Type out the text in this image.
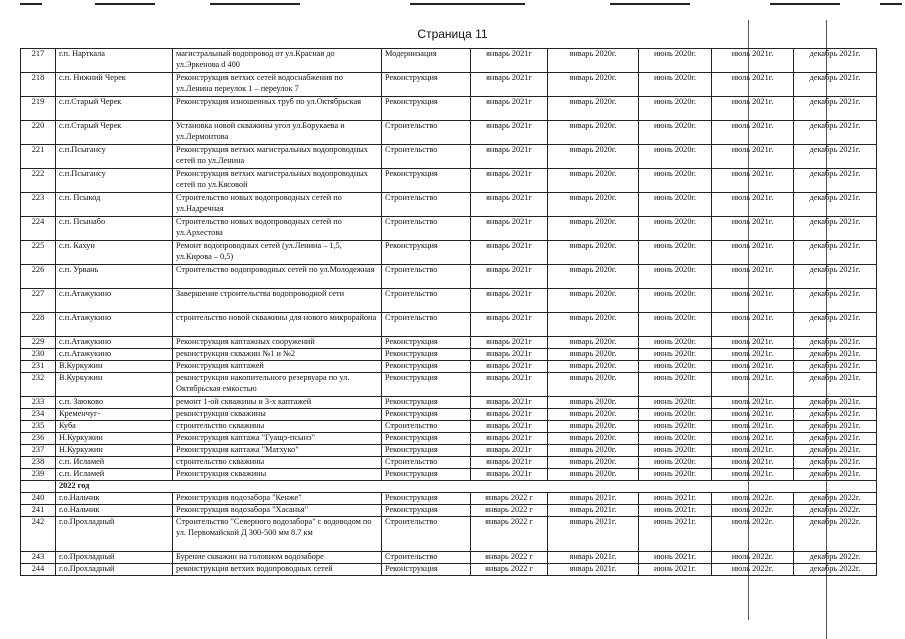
Страница 11
217	г.п. Нарткала	магистральный водопровод от ул.Красная до ул.Эркенова d 400	Модернизация	январь 2021г	январь 2020г.	июнь 2020г.	июль 2021г.	декабрь 2021г.
218	с.п. Нижний Черек	Реконструкция ветхих сетей водоснабжения по ул.Ленина переулок 1 – переулок 7	Реконструкция	январь 2021г	январь 2020г.	июнь 2020г.	июль 2021г.	декабрь 2021г.
219	с.п.Старый Черек	Реконструкция изношенных труб по ул.Октябрьская	Реконструкция	январь 2021г	январь 2020г.	июнь 2020г.	июль 2021г.	декабрь 2021г.
220	с.п.Старый Черек	Установка новой скважины угол ул.Борукаева и ул.Лермонтова	Строительство	январь 2021г	январь 2020г.	июнь 2020г.	июль 2021г.	декабрь 2021г.
221	с.п.Псыгансу	Реконструкция ветхих магистральных водопроводных сетей по ул.Ленина	Строительство	январь 2021г	январь 2020г.	июнь 2020г.	июль 2021г.	декабрь 2021г.
222	с.п.Псыгансу	Реконструкция ветхих магистральных водопроводных сетей по ул.Кясовой	Реконструкция	январь 2021г	январь 2020г.	июнь 2020г.	июль 2021г.	декабрь 2021г.
223	с.п. Псыкод	Строительство новых водопроводных сетей по ул.Надречная	Строительство	январь 2021г	январь 2020г.	июнь 2020г.	июль 2021г.	декабрь 2021г.
224	с.п. Псынабо	Строительство новых водопроводных сетей по ул.Архестова	Строительство	январь 2021г	январь 2020г.	июнь 2020г.	июль 2021г.	декабрь 2021г.
225	с.п. Кахун	Ремонт водопроводных сетей (ул.Ленина – 1,5, ул.Кирова – 0,5)	Реконструкция	январь 2021г	январь 2020г.	июнь 2020г.	июль 2021г.	декабрь 2021г.
226	с.п. Урвань	Строительство водопроводных сетей по ул.Молодежная	Строительство	январь 2021г	январь 2020г.	июнь 2020г.	июль 2021г.	декабрь 2021г.
227	с.п.Атажукино	Завершение строительства водопроводной сети	Строительство	январь 2021г	январь 2020г.	июнь 2020г.	июль 2021г.	декабрь 2021г.
228	с.п.Атажукино	строительство новой скважины для нового микрорайона	Строительство	январь 2021г	январь 2020г.	июнь 2020г.	июль 2021г.	декабрь 2021г.
229	с.п.Атажукино	Реконструкция каптажных сооружений	Реконструкция	январь 2021г	январь 2020г.	июнь 2020г.	июль 2021г.	декабрь 2021г.
230	с.п.Атажукино	реконструкция скважин №1 и №2	Реконструкция	январь 2021г	январь 2020г.	июнь 2020г.	июль 2021г.	декабрь 2021г.
231	В.Куркужин	Реконструкция каптажей	Реконструкция	январь 2021г	январь 2020г.	июнь 2020г.	июль 2021г.	декабрь 2021г.
232	В.Куркужин	реконструкция накопительного резервуара по ул. Октябрьская емкостью	Реконструкция	январь 2021г	январь 2020г.	июнь 2020г.	июль 2021г.	декабрь 2021г.
233	с.п. Заюково	ремонт 1-ой скважины и 3-х каптажей	Реконструкция	январь 2021г	январь 2020г.	июнь 2020г.	июль 2021г.	декабрь 2021г.
234	Кременчуг-	реконструкция скважины	Реконструкция	январь 2021г	январь 2020г.	июнь 2020г.	июль 2021г.	декабрь 2021г.
235	Куба	строительство скважины	Строительство	январь 2021г	январь 2020г.	июнь 2020г.	июль 2021г.	декабрь 2021г.
236	Н.Куркужин	Реконструкция каптажа "Гуащэ-псынэ"	Реконструкция	январь 2021г	январь 2020г.	июнь 2020г.	июль 2021г.	декабрь 2021г.
237	Н.Куркужин	Реконструкция каптажа "Матхуко"	Реконструкция	январь 2021г	январь 2020г.	июнь 2020г.	июль 2021г.	декабрь 2021г.
238	с.п. Исламей	строительство скважины	Строительство	январь 2021г	январь 2020г.	июнь 2020г.	июль 2021г.	декабрь 2021г.
239	с.п. Исламей	Реконструкция скважины	Реконструкция	январь 2021г	январь 2020г.	июнь 2020г.	июль 2021г.	декабрь 2021г.
	2022 год							
240	г.о.Нальчик	Реконструкция водозабора "Кенже"	Реконструкция	январь 2022 г	январь 2021г.	июнь 2021г.	июль 2022г.	декабрь 2022г.
241	г.о.Нальчик	Реконструкция водозабора "Хасанья"	Реконструкция	январь 2022 г	январь 2021г.	июнь 2021г.	июль 2022г.	декабрь 2022г.
242	г.о.Прохладный	Строительство "Северного водозабора" с водоводом по ул. Первомайской Д 300-500 мм 8.7 км	Строительство	январь 2022 г	январь 2021г.	июнь 2021г.	июль 2022г.	декабрь 2022г.
243	г.о.Прохладный	Бурение скважин на головном водозаборе	Строительство	январь 2022 г	январь 2021г.	июнь 2021г.	июль 2022г.	декабрь 2022г.
244	г.о.Прохладный	реконструкция ветхих водопроводных сетей	Реконструкция	январь 2022 г	январь 2021г.	июнь 2021г.	июль 2022г.	декабрь 2022г.
